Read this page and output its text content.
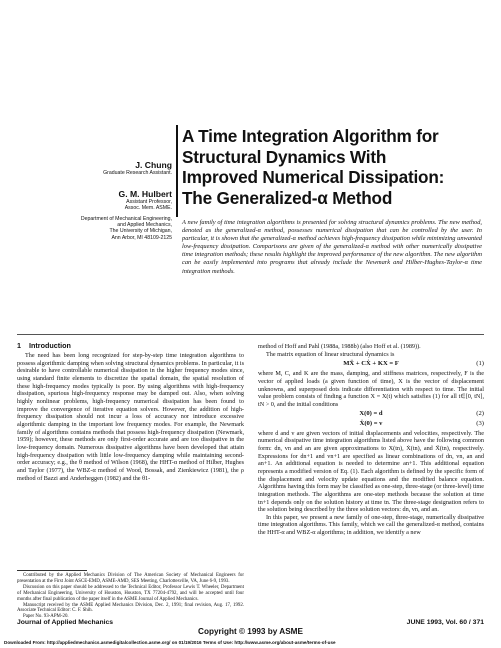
J. Chung
Graduate Research Assistant.
G. M. Hulbert
Assistant Professor,
Assoc. Mem. ASME.
Department of Mechanical Engineering,
and Applied Mechanics,
The University of Michigan,
Ann Arbor, MI 48109-2125
A Time Integration Algorithm for
Structural Dynamics With
Improved Numerical Dissipation:
The Generalized-α Method
A new family of time integration algorithms is presented for solving structural dynamics problems. The new method, denoted as the generalized-α method, possesses numerical dissipation that can be controlled by the user. In particular, it is shown that the generalized-α method achieves high-frequency dissipation while minimizing unwanted low-frequency dissipation. Comparisons are given of the generalized-α method with other numerically dissipative time integration methods; these results highlight the improved performance of the new algorithm. The new algorithm can be easily implemented into programs that already include the Newmark and Hilber-Hughes-Taylor-α time integration methods.
1 Introduction

The need has been long recognized for step-by-step time integration algorithms to possess algorithmic damping when solving structural dynamics problems. In particular, it is desirable to have controllable numerical dissipation in the higher frequency modes since, using standard finite elements to discretize the spatial domain, the spatial resolution of these high-frequency modes typically is poor. By using algorithms with high-frequency dissipation, spurious high-frequency response may be damped out. Also, when solving highly nonlinear problems, high-frequency numerical dissipation has been found to improve the convergence of iterative equation solvers. However, the addition of high-frequency dissipation should not incur a loss of accuracy nor introduce excessive algorithmic damping in the important low frequency modes. For example, the Newmark family of algorithms contains methods that possess high-frequency dissipation (Newmark, 1959); however, these methods are only first-order accurate and are too dissipative in the low-frequency domain. Numerous dissipative algorithms have been developed that attain high-frequency dissipation with little low-frequency damping while maintaining second-order accuracy; e.g., the θ method of Wilson (1968), the HHT-α method of Hilber, Hughes and Taylor (1977), the WBZ-α method of Wood, Bossak, and Zienkiewicz (1981), the ρ method of Bazzi and Anderheggen (1982) and the θ1-

Contributed by the Applied Mechanics Division of The American Society of Mechanical Engineers for presentation at the First Joint ASCE-EMD, ASME-AMD, SES Meeting, Charlottesville, VA, June 6-9, 1993.

Discussion on this paper should be addressed to the Technical Editor, Professor Lewis T. Wheeler, Department of Mechanical Engineering, University of Houston, Houston, TX 77204-4792, and will be accepted until four months after final publication of the paper itself in the ASME Journal of Applied Mechanics.

Manuscript received by the ASME Applied Mechanics Division, Dec. 2, 1991; final revision, Aug. 17, 1992. Associate Technical Editor: C. F. Shih.

Paper No. 93-APM-20.

method of Hoff and Pahl (1988a, 1988b) (also Hoff et al. (1989)).

The matrix equation of linear structural dynamics is

MẌ + CẊ + KX = F	(1)

where M, C, and K are the mass, damping, and stiffness matrices, respectively, F is the vector of applied loads (a given function of time), X is the vector of displacement unknowns, and superposed dots indicate differentiation with respect to time. The initial value problem consists of finding a function X = X(t) which satisfies (1) for all t∈[0, tN], tN > 0, and the initial conditions

X(0) = d	(2)
Ẋ(0) = v	(3)

where d and v are given vectors of initial displacements and velocities, respectively. The numerical dissipative time integration algorithms listed above have the following common form: dn, vn and an are given approximations to X(tn), Ẋ(tn), and Ẍ(tn), respectively. Expressions for dn+1 and vn+1 are specified as linear combinations of dn, vn, an and an+1. An additional equation is needed to determine an+1. This additional equation represents a modified version of Eq. (1). Each algorithm is defined by the specific form of the displacement and velocity update equations and the modified balance equation. Algorithms having this form may be classified as one-step, three-stage (or three-level) time integration methods. The algorithms are one-step methods because the solution at time tn+1 depends only on the solution history at time tn. The three-stage designation refers to the solution being described by the three solution vectors: dn, vn, and an.

In this paper, we present a new family of one-step, three-stage, numerically dissipative time integration algorithms. This family, which we call the generalized-α method, contains the HHT-α and WBZ-α algorithms; in addition, we identify a new

Journal of Applied Mechanics	JUNE 1993, Vol. 60 / 371
Copyright © 1993 by ASME
Downloaded From: http://appliedmechanics.asmedigitalcollection.asme.org/ on 01/19/2016 Terms of Use: http://www.asme.org/about-asme/terms-of-use
